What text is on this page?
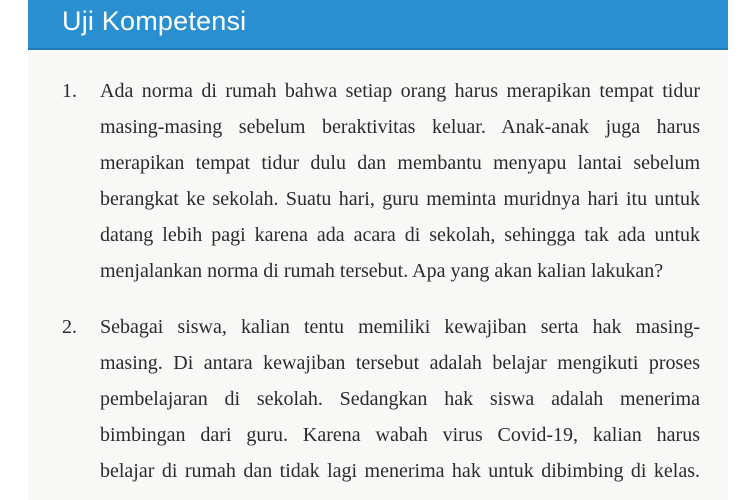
Uji Kompetensi
1. Ada norma di rumah bahwa setiap orang harus merapikan tempat tidur
masing-masing sebelum beraktivitas keluar. Anak-anak juga harus
merapikan tempat tidur dulu dan membantu menyapu lantai sebelum
berangkat ke sekolah. Suatu hari, guru meminta muridnya hari itu untuk
datang lebih pagi karena ada acara di sekolah, sehingga tak ada untuk
menjalankan norma di rumah tersebut. Apa yang akan kalian lakukan?
2. Sebagai siswa, kalian tentu memiliki kewajiban serta hak masing-
masing. Di antara kewajiban tersebut adalah belajar mengikuti proses
pembelajaran di sekolah. Sedangkan hak siswa adalah menerima
bimbingan dari guru. Karena wabah virus Covid-19, kalian harus
belajar di rumah dan tidak lagi menerima hak untuk dibimbing di kelas.
